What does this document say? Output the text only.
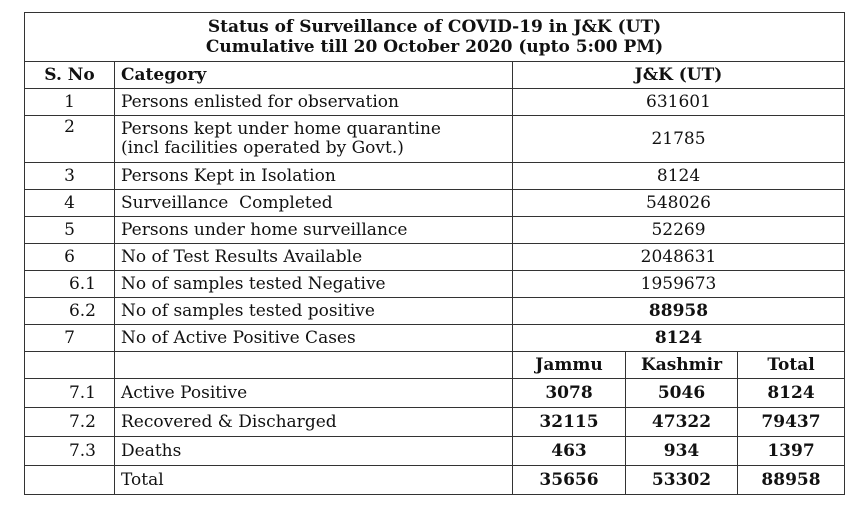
Status of Surveillance of COVID-19 in J&K (UT)
Cumulative till 20 October 2020 (upto 5:00 PM)				

S. No	Category	J&K (UT)		
1	Persons enlisted for observation	631601		
2	Persons kept under home quarantine
(incl facilities operated by Govt.)	21785		
3	Persons Kept in Isolation	8124		
4	Surveillance  Completed	548026		
5	Persons under home surveillance	52269		
6	No of Test Results Available	2048631		
6.1	No of samples tested Negative	1959673		
6.2	No of samples tested positive	88958		
7	No of Active Positive Cases	8124		
		Jammu	Kashmir	Total
7.1	Active Positive	3078	5046	8124
7.2	Recovered & Discharged	32115	47322	79437
7.3	Deaths	463	934	1397
	Total	35656	53302	88958
